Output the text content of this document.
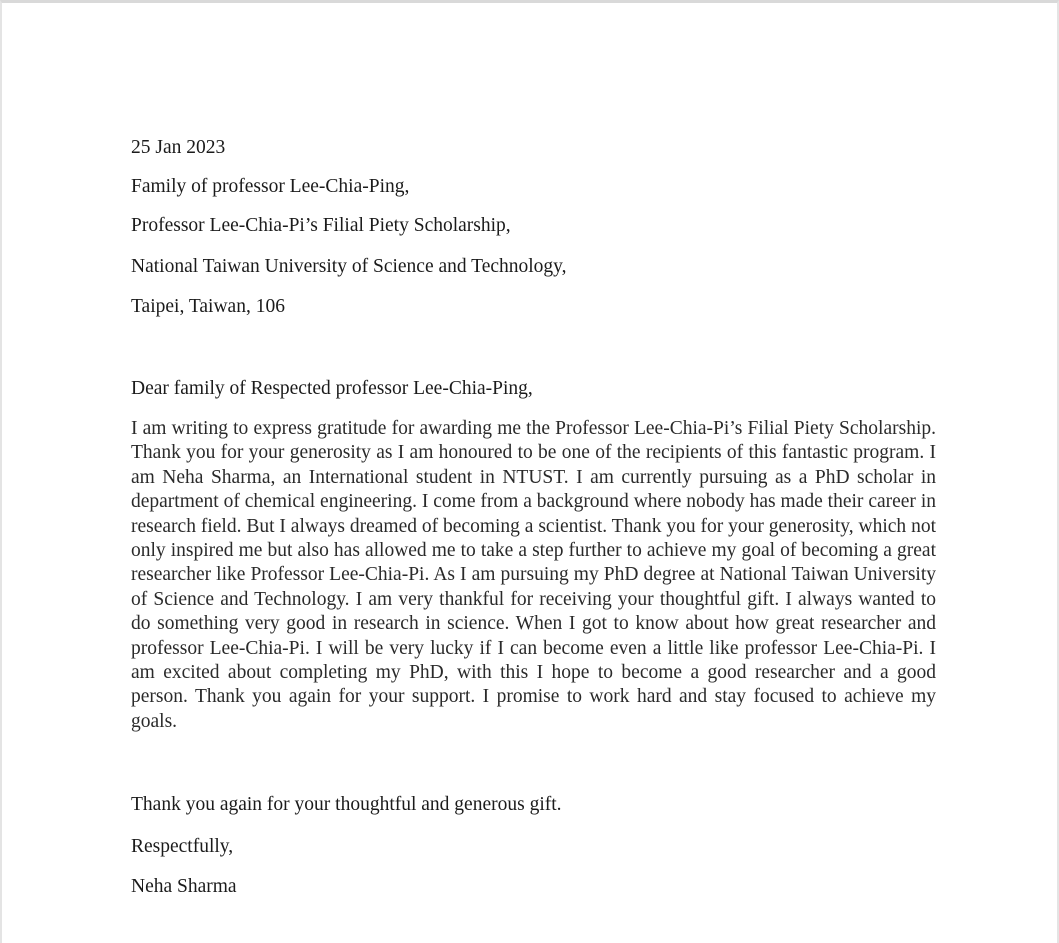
25 Jan 2023

Family of professor Lee-Chia-Ping,

Professor Lee-Chia-Pi’s Filial Piety Scholarship,

National Taiwan University of Science and Technology,

Taipei, Taiwan, 106

Dear family of Respected professor Lee-Chia-Ping,

I am writing to express gratitude for awarding me the Professor Lee-Chia-Pi’s Filial Piety Scholarship. Thank you for your generosity as I am honoured to be one of the recipients of this fantastic program. I am Neha Sharma, an International student in NTUST. I am currently pursuing as a PhD scholar in department of chemical engineering. I come from a background where nobody has made their career in research field. But I always dreamed of becoming a scientist. Thank you for your generosity, which not only inspired me but also has allowed me to take a step further to achieve my goal of becoming a great researcher like Professor Lee-Chia-Pi. As I am pursuing my PhD degree at National Taiwan University of Science and Technology. I am very thankful for receiving your thoughtful gift. I always wanted to do something very good in research in science. When I got to know about how great researcher and professor Lee-Chia-Pi. I will be very lucky if I can become even a little like professor Lee-Chia-Pi. I am excited about completing my PhD, with this I hope to become a good researcher and a good person. Thank you again for your support. I promise to work hard and stay focused to achieve my goals.

Thank you again for your thoughtful and generous gift.

Respectfully,

Neha Sharma
